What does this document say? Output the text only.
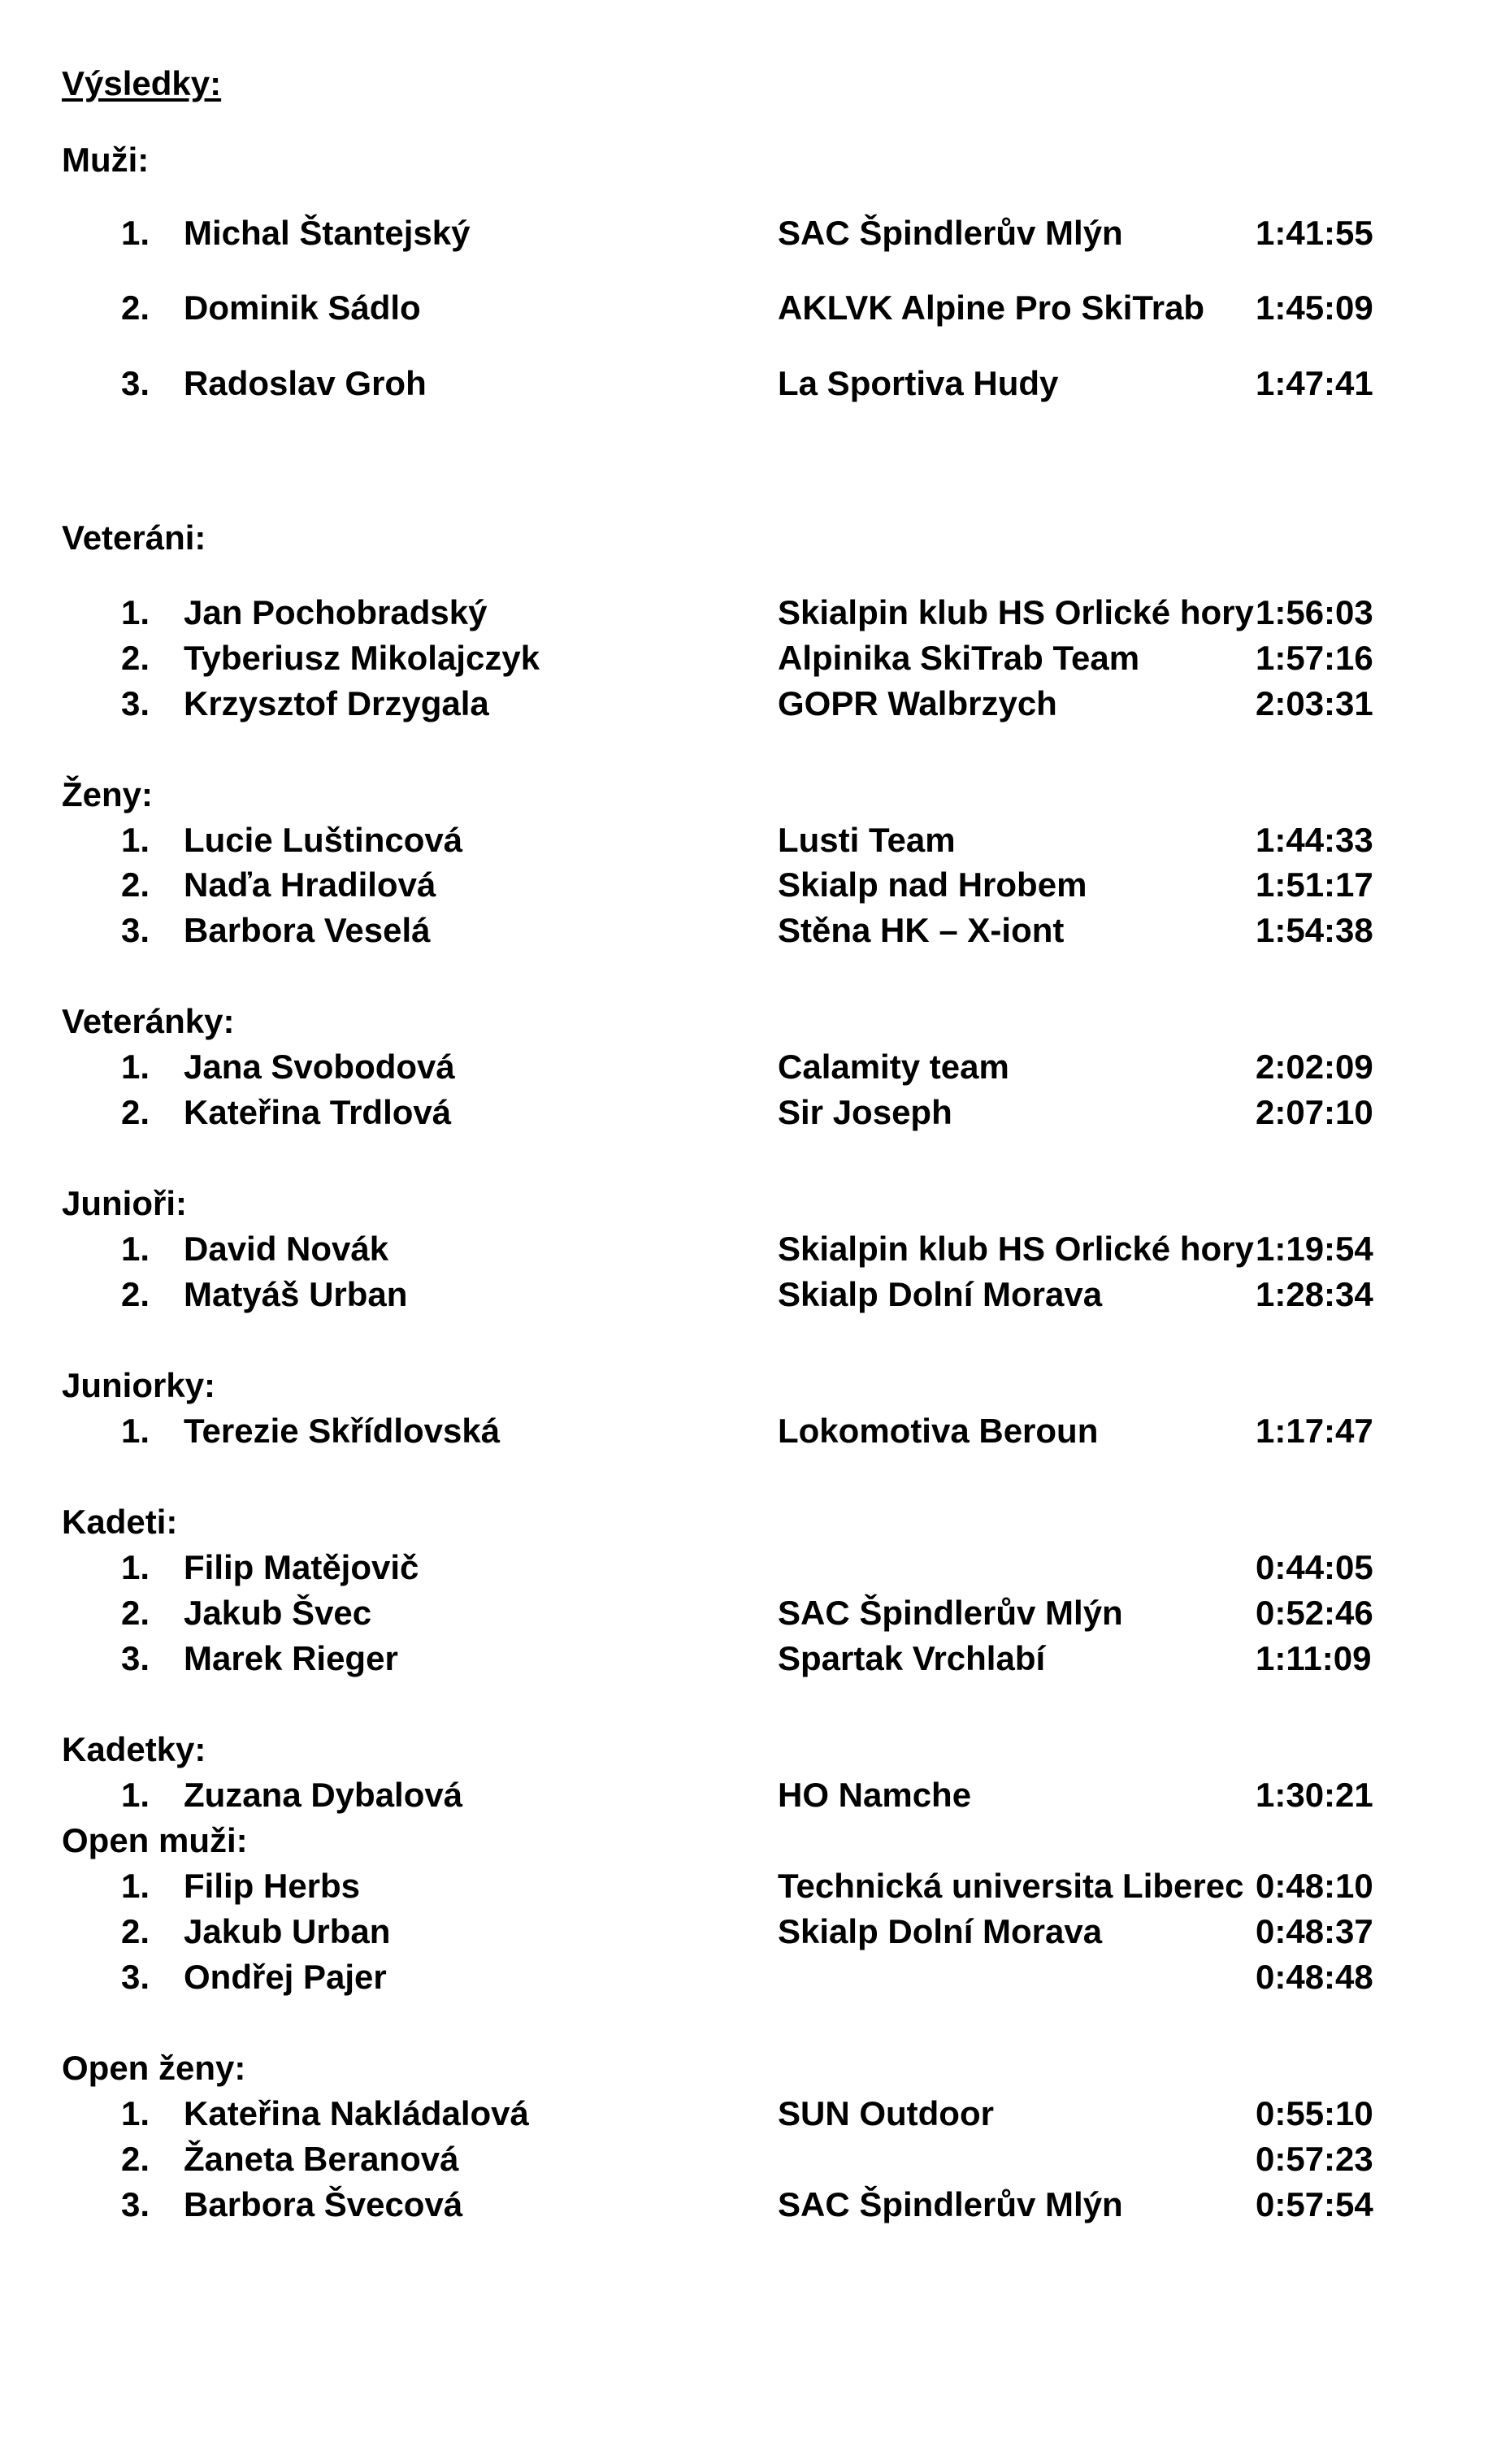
Výsledky:
Muži:
1. Michal Štantejský	SAC Špindlerův Mlýn	1:41:55
2. Dominik Sádlo	AKLVK Alpine Pro SkiTrab 1:45:09
3. Radoslav Groh	La Sportiva Hudy	1:47:41
Veteráni:
1. Jan Pochobradský	Skialpin klub HS Orlické hory 1:56:03
2. Tyberiusz Mikolajczyk	Alpinika SkiTrab Team	1:57:16
3. Krzysztof Drzygala	GOPR Walbrzych	2:03:31
Ženy:
1. Lucie Luštincová	Lusti Team	1:44:33
2. Naďa Hradilová	Skialp nad Hrobem	1:51:17
3. Barbora Veselá	Stěna HK – X-iont	1:54:38
Veteránky:
1. Jana Svobodová	Calamity team	2:02:09
2. Kateřina Trdlová	Sir Joseph	2:07:10
Junioři:
1. David Novák	Skialpin klub HS Orlické hory 1:19:54
2. Matyáš Urban	Skialp Dolní Morava	1:28:34
Juniorky:
1. Terezie Skřídlovská	Lokomotiva Beroun	1:17:47
Kadeti:
1. Filip Matějovič	0:44:05
2. Jakub Švec	SAC Špindlerův Mlýn	0:52:46
3. Marek Rieger	Spartak Vrchlabí	1:11:09
Kadetky:
1. Zuzana Dybalová	HO Namche	1:30:21
Open muži:
1. Filip Herbs	Technická universita Liberec 0:48:10
2. Jakub Urban	Skialp Dolní Morava	0:48:37
3. Ondřej Pajer	0:48:48
Open ženy:
1. Kateřina Nakládalová	SUN Outdoor	0:55:10
2. Žaneta Beranová	0:57:23
3. Barbora Švecová	SAC Špindlerův Mlýn	0:57:54
